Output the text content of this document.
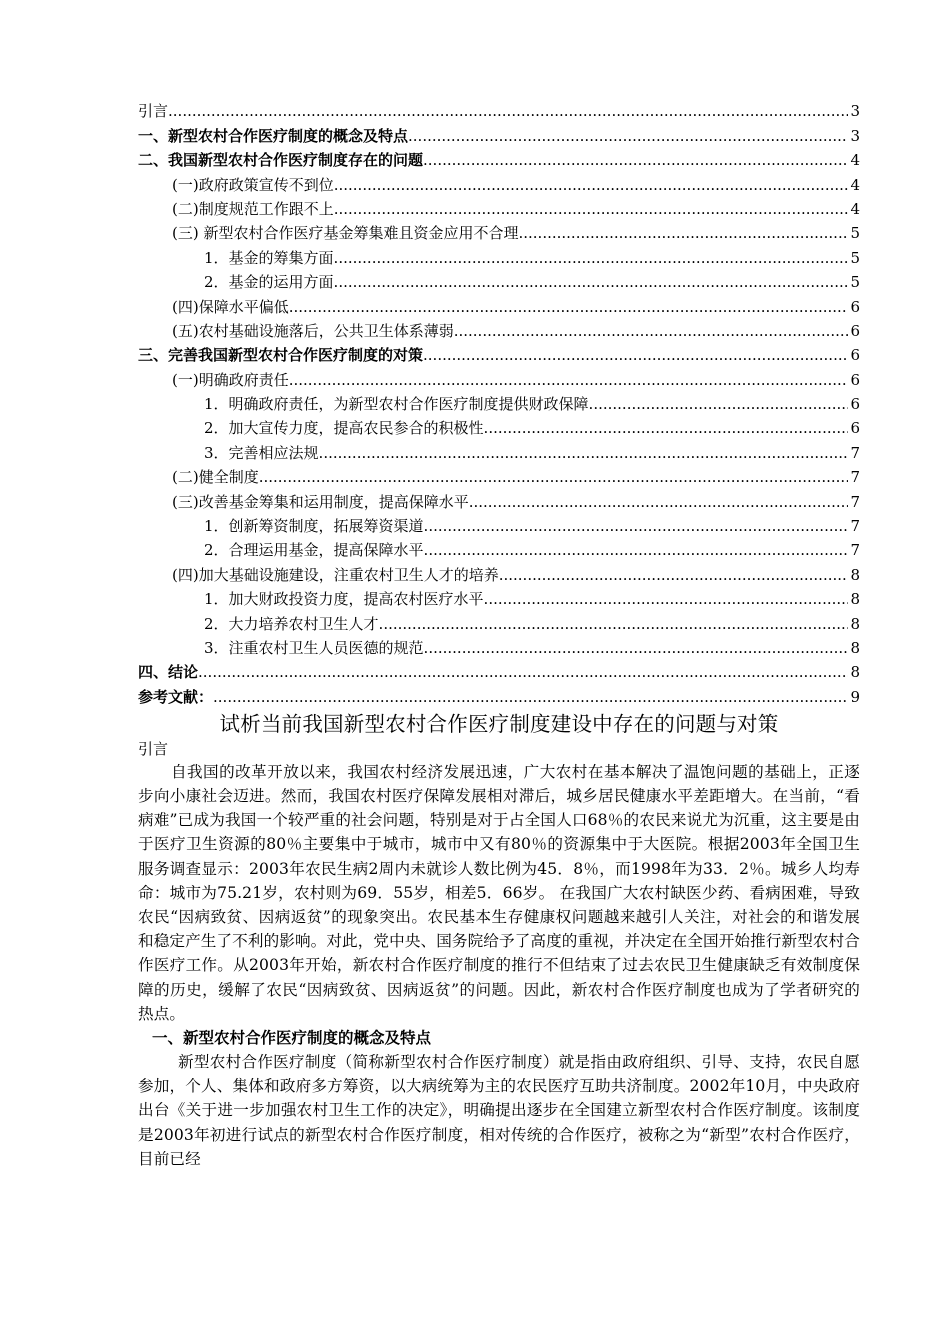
引言 .....	3
一、新型农村合作医疗制度的概念及特点 .....	3
二、我国新型农村合作医疗制度存在的问题 .....	4
(一)政府政策宣传不到位 .....	4
(二)制度规范工作跟不上 .....	4
(三) 新型农村合作医疗基金筹集难且资金应用不合理 .....	5
1．基金的筹集方面 .....	5
2．基金的运用方面 .....	5
(四)保障水平偏低 .....	6
(五)农村基础设施落后，公共卫生体系薄弱 .....	6
三、完善我国新型农村合作医疗制度的对策 .....	6
(一)明确政府责任 .....	6
1．明确政府责任，为新型农村合作医疗制度提供财政保障 .....	6
2．加大宣传力度，提高农民参合的积极性 .....	6
3．完善相应法规 .....	7
(二)健全制度 .....	7
(三)改善基金筹集和运用制度，提高保障水平 .....	7
1．创新筹资制度，拓展筹资渠道 .....	7
2．合理运用基金，提高保障水平 .....	7
(四)加大基础设施建设，注重农村卫生人才的培养 .....	8
1．加大财政投资力度，提高农村医疗水平 .....	8
2．大力培养农村卫生人才 .....	8
3．注重农村卫生人员医德的规范 .....	8
四、结论 .....	8
参考文献： .....	9
试析当前我国新型农村合作医疗制度建设中存在的问题与对策
引言

自我国的改革开放以来，我国农村经济发展迅速，广大农村在基本解决了温饱问题的基础上，正逐步向小康社会迈进。然而，我国农村医疗保障发展相对滞后，城乡居民健康水平差距增大。在当前，“看病难”已成为我国一个较严重的社会问题，特别是对于占全国人口68％的农民来说尤为沉重，这主要是由于医疗卫生资源的80％主要集中于城市，城市中又有80％的资源集中于大医院。根据2003年全国卫生服务调查显示：2003年农民生病2周内未就诊人数比例为45．8％，而1998年为33．2％。城乡人均寿命：城市为75.21岁，农村则为69．55岁，相差5．66岁。 在我国广大农村缺医少药、看病困难，导致农民“因病致贫、因病返贫”的现象突出。农民基本生存健康权问题越来越引人关注，对社会的和谐发展和稳定产生了不利的影响。对此，党中央、国务院给予了高度的重视，并决定在全国开始推行新型农村合作医疗工作。从2003年开始，新农村合作医疗制度的推行不但结束了过去农民卫生健康缺乏有效制度保障的历史，缓解了农民“因病致贫、因病返贫”的问题。因此，新农村合作医疗制度也成为了学者研究的热点。

一、新型农村合作医疗制度的概念及特点

新型农村合作医疗制度（简称新型农村合作医疗制度）就是指由政府组织、引导、支持，农民自愿参加，个人、集体和政府多方筹资，以大病统筹为主的农民医疗互助共济制度。2002年10月，中央政府出台《关于进一步加强农村卫生工作的决定》，明确提出逐步在全国建立新型农村合作医疗制度。该制度是2003年初进行试点的新型农村合作医疗制度，相对传统的合作医疗，被称之为“新型”农村合作医疗，目前已经
